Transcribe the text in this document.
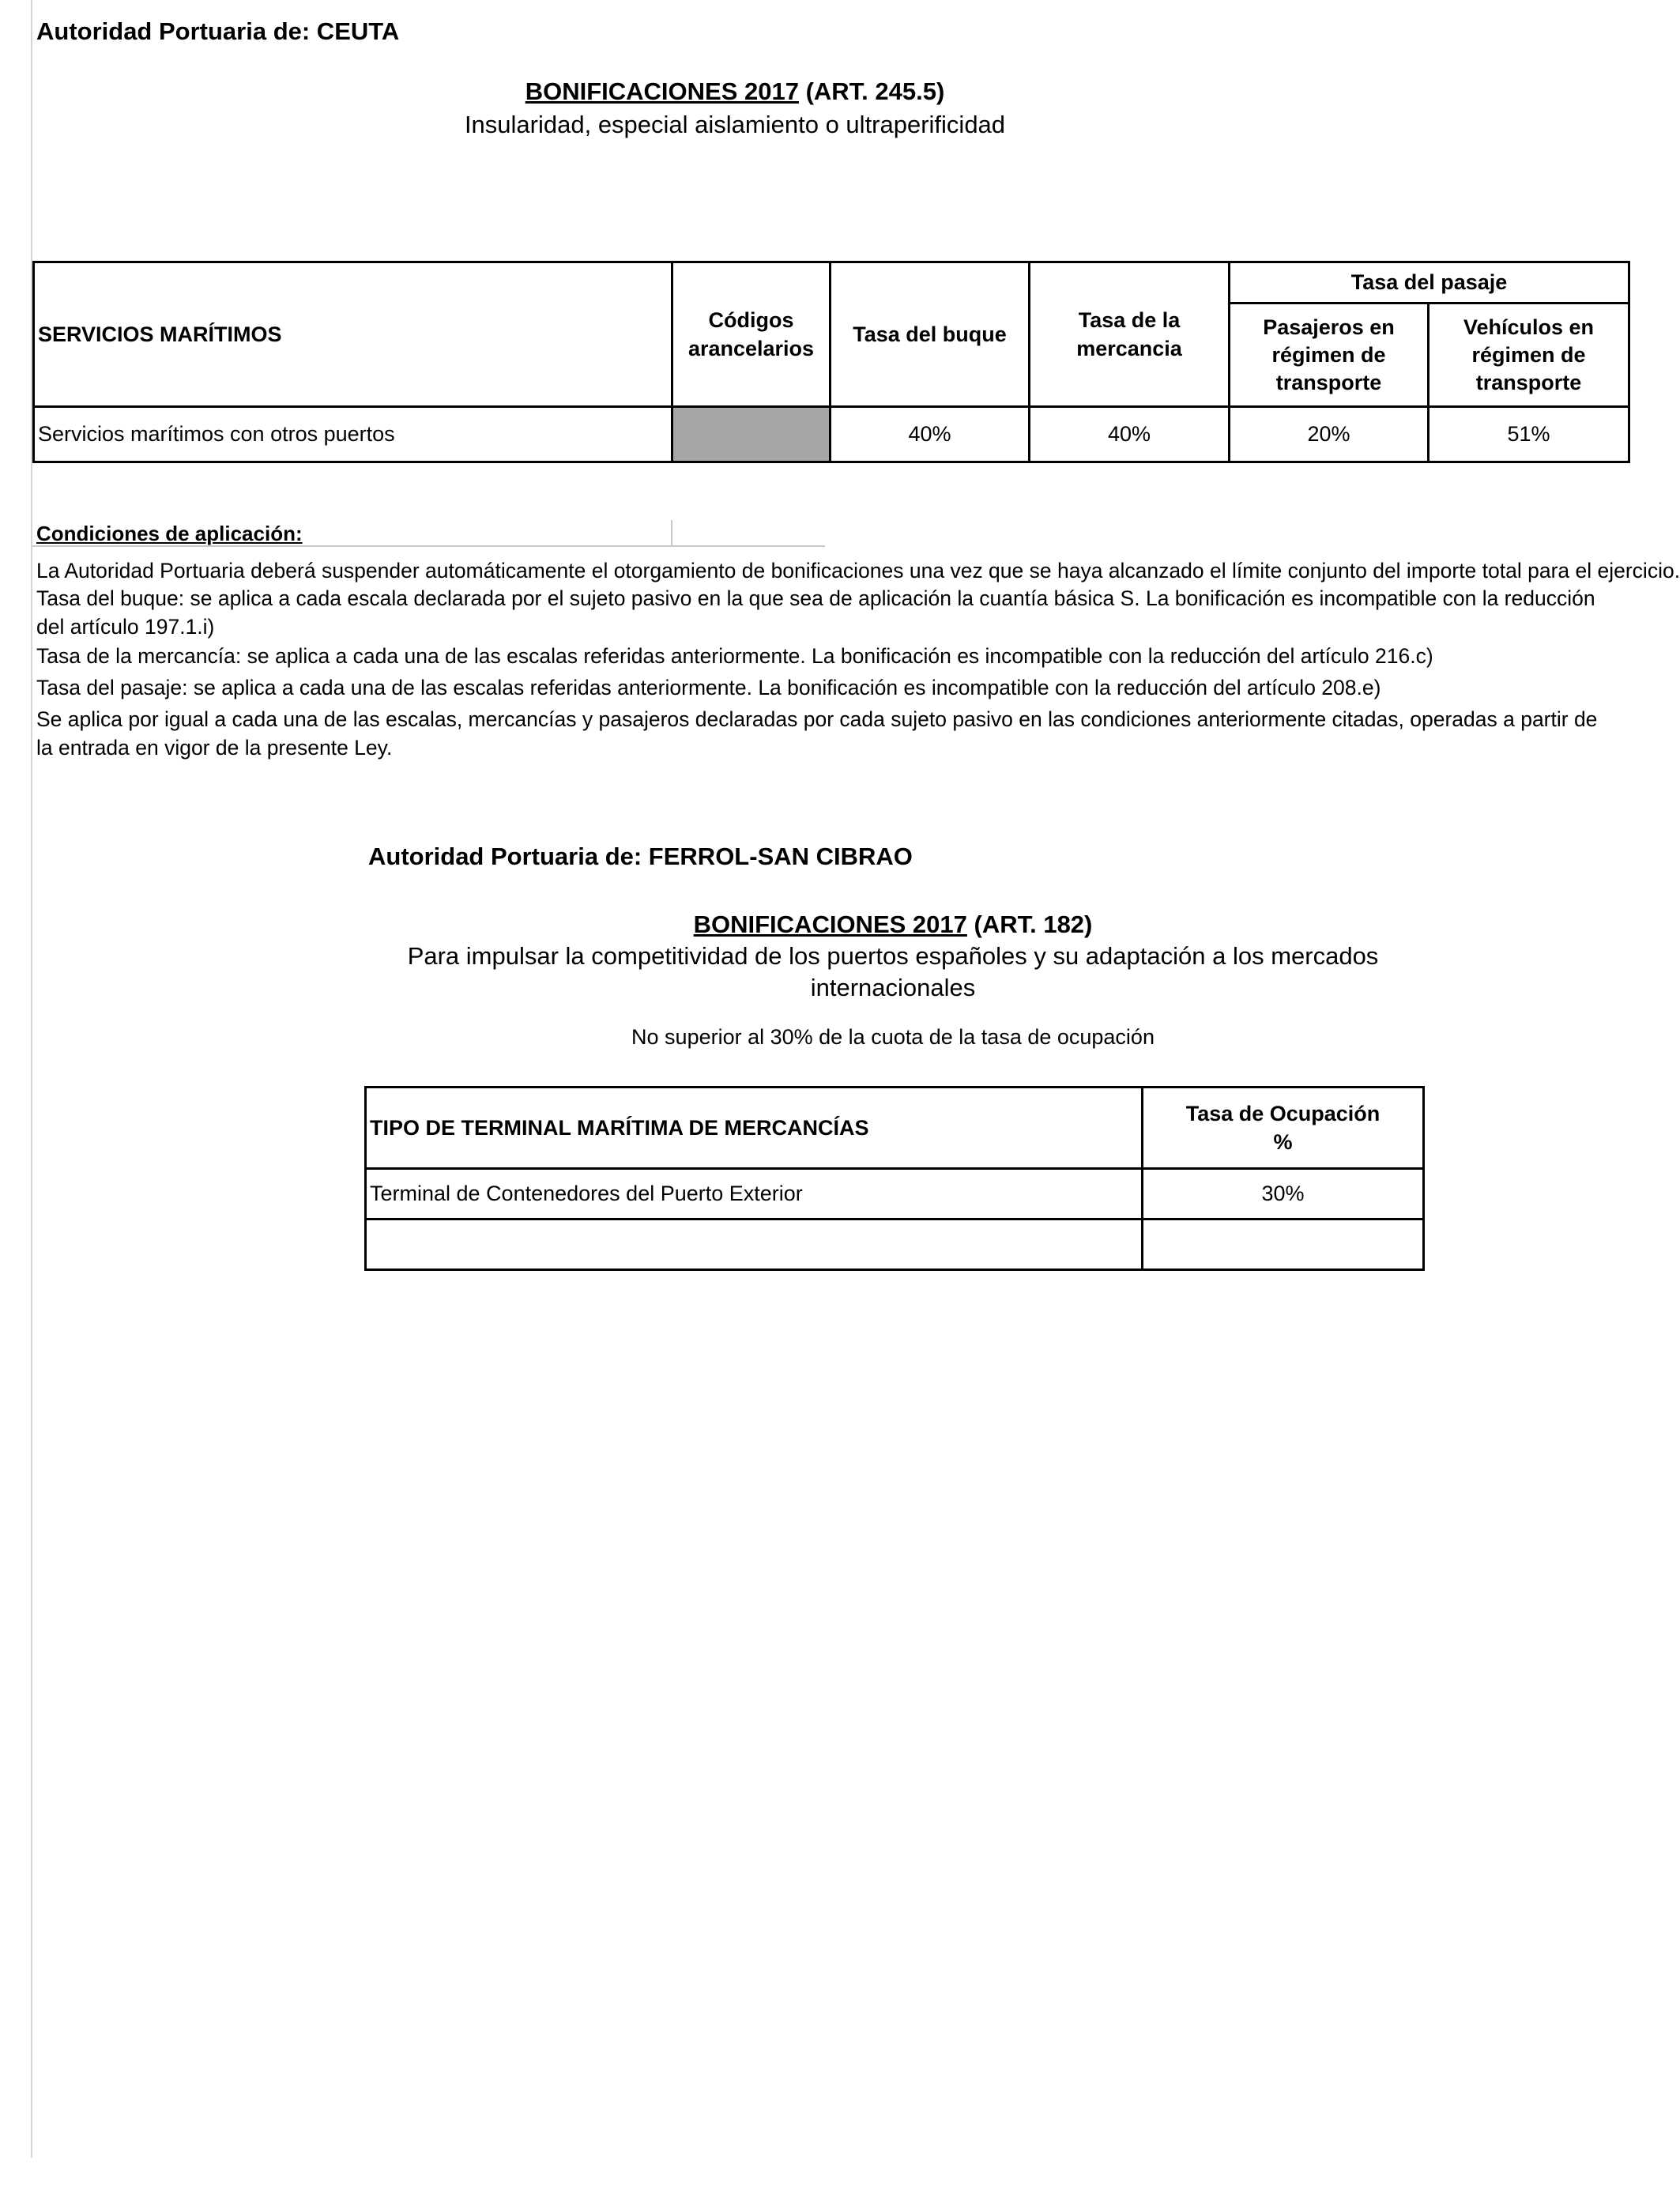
Autoridad Portuaria de: CEUTA
BONIFICACIONES 2017 (ART. 245.5)
Insularidad, especial aislamiento o ultraperificidad
SERVICIOS MARÍTIMOS	Códigos arancelarios	Tasa del buque	Tasa de la mercancia	Tasa del pasaje	
				Pasajeros en régimen de transporte	Vehículos en régimen de transporte
Servicios marítimos con otros puertos		40%	40%	20%	51%
Condiciones de aplicación:
La Autoridad Portuaria deberá suspender automáticamente el otorgamiento de bonificaciones una vez que se haya alcanzado el límite conjunto del importe total para el ejercicio.
Tasa del buque: se aplica a cada escala declarada por el sujeto pasivo en la que sea de aplicación la cuantía básica S. La bonificación es incompatible con la reducción del artículo 197.1.i)
Tasa de la mercancía: se aplica a cada una de las escalas referidas anteriormente. La bonificación es incompatible con la reducción del artículo 216.c)
Tasa del pasaje: se aplica a cada una de las escalas referidas anteriormente. La bonificación es incompatible con la reducción del artículo 208.e)
Se aplica por igual a cada una de las escalas, mercancías y pasajeros declaradas por cada sujeto pasivo en las condiciones anteriormente citadas, operadas a partir de la entrada en vigor de la presente Ley.
Autoridad Portuaria de: FERROL-SAN CIBRAO
BONIFICACIONES 2017 (ART. 182)
Para impulsar la competitividad de los puertos españoles y su adaptación a los mercados
internacionales
No superior al 30% de la cuota de la tasa de ocupación
TIPO DE TERMINAL MARÍTIMA DE MERCANCÍAS	Tasa de Ocupación
%
Terminal de Contenedores del Puerto Exterior	30%
